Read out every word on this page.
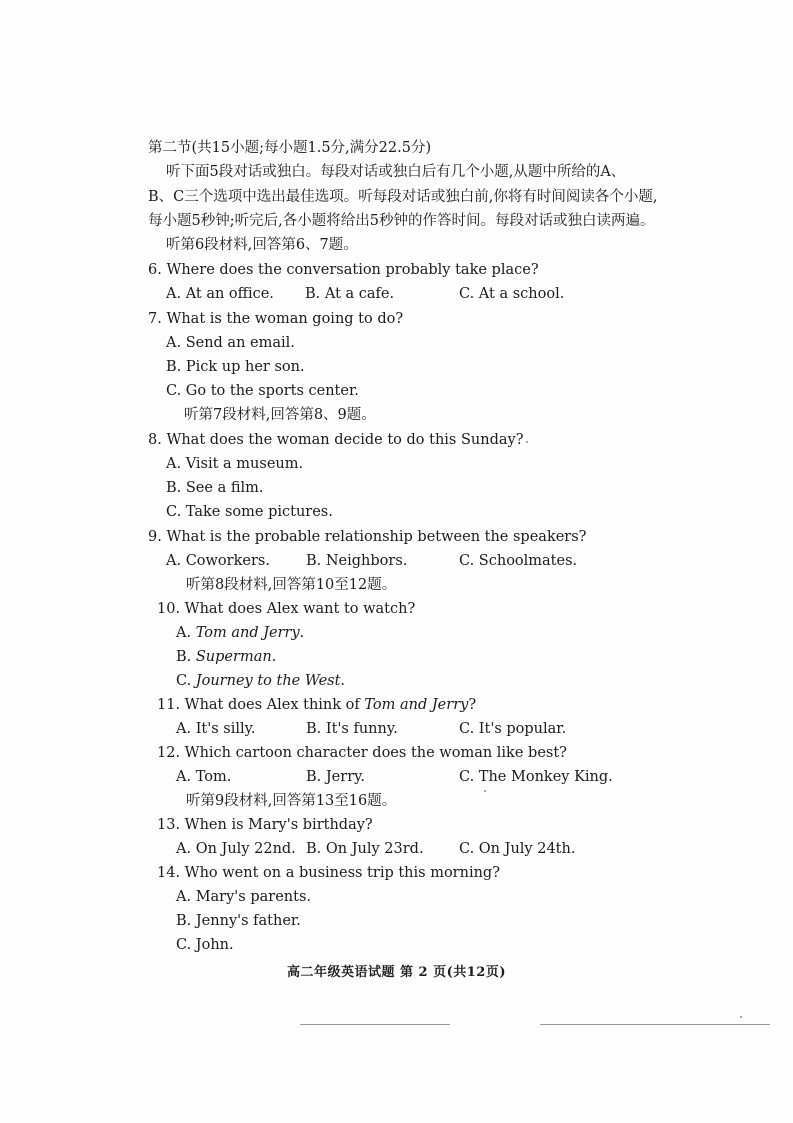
第二节(共15小题;每小题1.5分,满分22.5分)
听下面5段对话或独白。每段对话或独白后有几个小题,从题中所给的A、
B、C三个选项中选出最佳选项。听每段对话或独白前,你将有时间阅读各个小题,
每小题5秒钟;听完后,各小题将给出5秒钟的作答时间。每段对话或独白读两遍。
听第6段材料,回答第6、7题。
6. Where does the conversation probably take place?
A. At an office. B. At a cafe.	C. At a school.
7. What is the woman going to do?
A. Send an email.
B. Pick up her son.
C. Go to the sports center.
听第7段材料,回答第8、9题。
8. What does the woman decide to do this Sunday?
A. Visit a museum.
B. See a film.
C. Take some pictures.
9. What is the probable relationship between the speakers?
A. Coworkers. B. Neighbors.	C. Schoolmates.
听第8段材料,回答第10至12题。
10. What does Alex want to watch?
A. Tom and Jerry.
B. Superman.
C. Journey to the West.
11. What does Alex think of Tom and Jerry?
A. It's silly.	B. It's funny.	C. It's popular.
12. Which cartoon character does the woman like best?
A. Tom.	B. Jerry.	C. The Monkey King.
听第9段材料,回答第13至16题。
13. When is Mary's birthday?
A. On July 22nd. B. On July 23rd. C. On July 24th.
14. Who went on a business trip this morning?
A. Mary's parents.
B. Jenny's father.
C. John.
高二年级英语试题 第 2 页(共12页)
